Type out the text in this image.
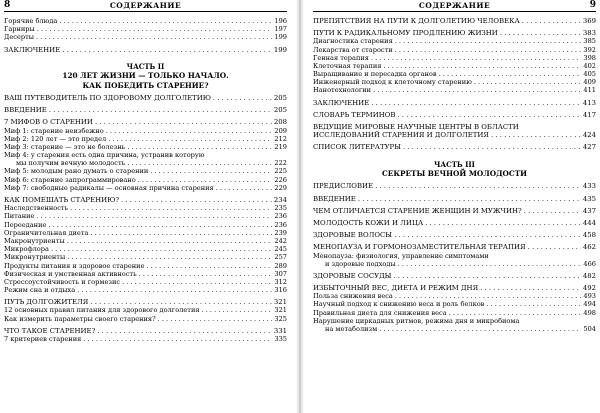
8	СОДЕРЖАНИЕ
Горячие блюда . . .	196
Гарниры . . .	197
Десерты . . .	199
ЗАКЛЮЧЕНИЕ . . .	199
ЧАСТЬ II
120 ЛЕТ ЖИЗНИ — ТОЛЬКО НАЧАЛО.
КАК ПОБЕДИТЬ СТАРЕНИЕ?
ВАШ ПУТЕВОДИТЕЛЬ ПО ЗДОРОВОМУ ДОЛГОЛЕТИЮ . . .	205
ВВЕДЕНИЕ . . .	205
7 МИФОВ О СТАРЕНИИ . . .	208
Миф 1: старение неизбежно . . .	209
Миф 2: 120 лет — это предел . . .	212
Миф 3: старение — это не болезнь . . .	219
Миф 4: у старения есть одна причина, устранив которую
мы получим вечную молодость . . .	222
Миф 5: молодым рано думать о старении . . .	225
Миф 6: старение запрограммировано . . .	226
Миф 7: свободные радикалы — основная причина старения . . .	229
КАК ПОМЕШАТЬ СТАРЕНИЮ? . . .	234
Наследственность . . .	235
Питание . . .	236
Переедание . . .	236
Ограничительная диета . . .	239
Макронутриенты . . .	242
Микрофлора . . .	245
Микронутриенты . . .	257
Продукты питания и здоровое старение . . .	289
Физическая и умственная активность . . .	307
Стрессоустойчивость и гормезис . . .	312
Режим сна и отдыха . . .	316
ПУТЬ ДОЛГОЖИТЕЛЯ . . .	321
12 основных правил питания для здорового долголетия . . .	321
Как измерить параметры своего старения? . . .	325
ЧТО ТАКОЕ СТАРЕНИЕ? . . .	331
7 критериев старения . . .	335
СОДЕРЖАНИЕ	9
ПРЕПЯТСТВИЯ НА ПУТИ К ДОЛГОЛЕТИЮ ЧЕЛОВЕКА . . .	369
ПУТИ К РАДИКАЛЬНОМУ ПРОДЛЕНИЮ ЖИЗНИ . . .	383
Диагностика старения . . .	385
Лекарства от старости . . .	392
Генная терапия . . .	398
Клеточная терапия . . .	402
Выращивание и пересадка органов . . .	405
Инженерный подход к клеточному старению . . .	409
Нанотехнологии . . .	411
ЗАКЛЮЧЕНИЕ . . .	413
СЛОВАРЬ ТЕРМИНОВ . . .	417
ВЕДУЩИЕ МИРОВЫЕ НАУЧНЫЕ ЦЕНТРЫ В ОБЛАСТИ
ИССЛЕДОВАНИЙ СТАРЕНИЯ И ДОЛГОЛЕТИЯ . . .	424
СПИСОК ЛИТЕРАТУРЫ . . .	427
ЧАСТЬ III
СЕКРЕТЫ ВЕЧНОЙ МОЛОДОСТИ
ПРЕДИСЛОВИЕ . . .	433
ВВЕДЕНИЕ . . .	435
ЧЕМ ОТЛИЧАЕТСЯ СТАРЕНИЕ ЖЕНЩИН И МУЖЧИН? . . .	437
МОЛОДОСТЬ КОЖИ И ЛИЦА . . .	444
ЗДОРОВЫЕ ВОЛОСЫ . . .	458
МЕНОПАУЗА И ГОРМОНОЗАМЕСТИТЕЛЬНАЯ ТЕРАПИЯ . . .	462
Менопауза: физиология, управление симптомами
и здоровые подходы . . .	466
ЗДОРОВЫЕ СОСУДЫ . . .	482
ИЗБЫТОЧНЫЙ ВЕС, ДИЕТА И РЕЖИМ ДНЯ . . .	492
Польза снижения веса . . .	493
Научный подход к снижению веса и роль белков . . .	494
Правильная диета для снижения веса . . .	498
Нарушение циркадных ритмов, режима дня и микробиома
на метаболизм . . .	504
